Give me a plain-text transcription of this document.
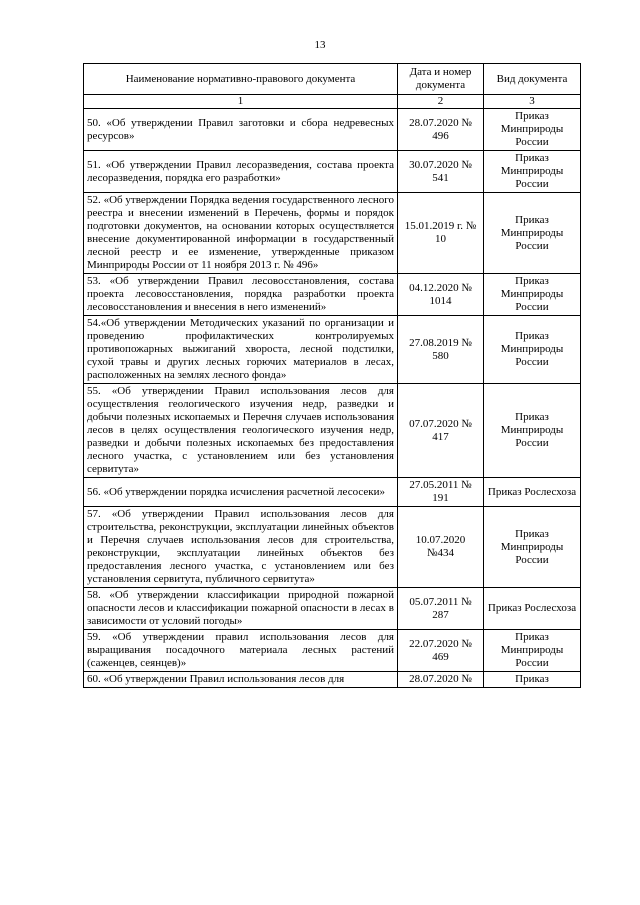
13
Наименование нормативно-правового документа	Дата и номер документа	Вид документа
1	2	3
50. «Об утверждении Правил заготовки и сбора недревесных ресурсов»	28.07.2020 № 496	Приказ Минприроды России
51. «Об утверждении Правил лесоразведения, состава проекта лесоразведения, порядка его разработки»	30.07.2020 № 541	Приказ Минприроды России
52. «Об утверждении Порядка ведения государственного лесного реестра и внесении изменений в Перечень, формы и порядок подготовки документов, на основании которых осуществляется внесение документированной информации в государственный лесной реестр и ее изменение, утвержденные приказом Минприроды России от 11 ноября 2013 г. № 496»	15.01.2019 г. № 10	Приказ Минприроды России
53. «Об утверждении Правил лесовосстановления, состава проекта лесовосстановления, порядка разработки проекта лесовосстановления и внесения в него изменений»	04.12.2020 № 1014	Приказ Минприроды России
54.«Об утверждении Методических указаний по организации и проведению профилактических контролируемых противопожарных выжиганий хвороста, лесной подстилки, сухой травы и других лесных горючих материалов в лесах, расположенных на землях лесного фонда»	27.08.2019 № 580	Приказ Минприроды России
55. «Об утверждении Правил использования лесов для осуществления геологического изучения недр, разведки и добычи полезных ископаемых и Перечня случаев использования лесов в целях осуществления геологического изучения недр, разведки и добычи полезных ископаемых без предоставления лесного участка, с установлением или без установления сервитута»	07.07.2020 № 417	Приказ Минприроды России
56. «Об утверждении порядка исчисления расчетной лесосеки»	27.05.2011 № 191	Приказ Рослесхоза
57. «Об утверждении Правил использования лесов для строительства, реконструкции, эксплуатации линейных объектов и Перечня случаев использования лесов для строительства, реконструкции, эксплуатации линейных объектов без предоставления лесного участка, с установлением или без установления сервитута, публичного сервитута»	10.07.2020 №434	Приказ Минприроды России
58. «Об утверждении классификации природной пожарной опасности лесов и классификации пожарной опасности в лесах в зависимости от условий погоды»	05.07.2011 № 287	Приказ Рослесхоза
59. «Об утверждении правил использования лесов для выращивания посадочного материала лесных растений (саженцев, сеянцев)»	22.07.2020 № 469	Приказ Минприроды России
60. «Об утверждении Правил использования лесов для	28.07.2020 №	Приказ
